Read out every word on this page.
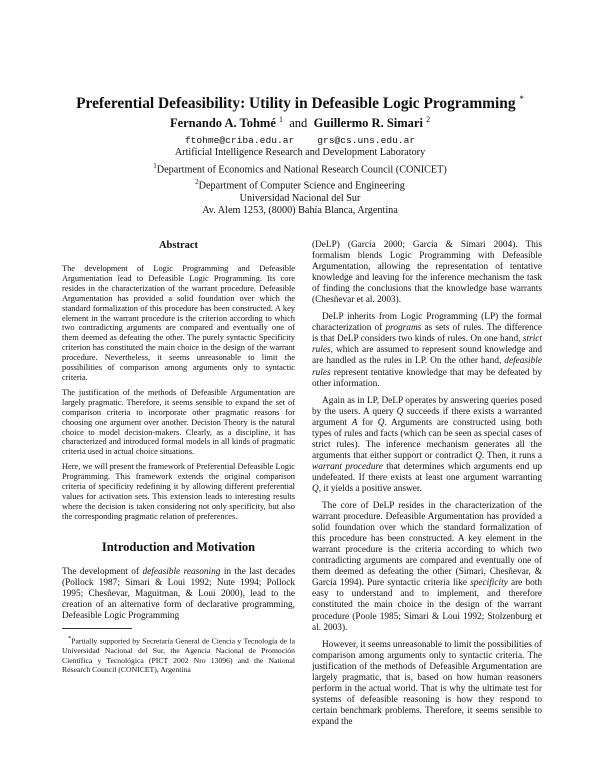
Preferential Defeasibility: Utility in Defeasible Logic Programming *
Fernando A. Tohmé $^1$ and Guillermo R. Simari $^2$
ftohme@criba.edu.ar    grs@cs.uns.edu.ar
Artificial Intelligence Research and Development Laboratory
$^1$Department of Economics and National Research Council (CONICET)
$^2$Department of Computer Science and Engineering
Universidad Nacional del Sur
Av. Alem 1253, (8000) Bahía Blanca, Argentina
Abstract

The development of Logic Programming and Defeasible Argumentation lead to Defeasible Logic Programming. Its core resides in the characterization of the warrant procedure. Defeasible Argumentation has provided a solid foundation over which the standard formalization of this procedure has been constructed. A key element in the warrant procedure is the criterion according to which two contradicting arguments are compared and eventually one of them deemed as defeating the other. The purely syntactic Specificity criterion has constituted the main choice in the design of the warrant procedure. Nevertheless, it seems unreasonable to limit the possibilities of comparison among arguments only to syntactic criteria.

The justification of the methods of Defeasible Argumentation are largely pragmatic. Therefore, it seems sensible to expand the set of comparison criteria to incorporate other pragmatic reasons for choosing one argument over another. Decision Theory is the natural choice to model decision-makers. Clearly, as a discipline, it has characterized and introduced formal models in all kinds of pragmatic criteria used in actual choice situations.

Here, we will present the framework of Preferential Defeasible Logic Programming. This framework extends the original comparison criteria of specificity redefining it by allowing different preferential values for activation sets. This extension leads to interesting results where the decision is taken considering not only specificity, but also the corresponding pragmatic relation of preferences.

Introduction and Motivation

The development of defeasible reasoning in the last decades (Pollock 1987; Simari & Loui 1992; Nute 1994; Pollock 1995; Chesñevar, Maguitman, & Loui 2000), lead to the creation of an alternative form of declarative programming, Defeasible Logic Programming

*Partially supported by Secretaría General de Ciencia y Tecnología de la Universidad Nacional del Sur, the Agencia Nacional de Promoción Científica y Tecnológica (PICT 2002 Nro 13096) and the National Research Council (CONICET), Argentina

(DeLP) (García 2000; García & Simari 2004). This formalism blends Logic Programming with Defeasible Argumentation, allowing the representation of tentative knowledge and leaving for the inference mechanism the task of finding the conclusions that the knowledge base warrants (Chesñevar et al. 2003).

DeLP inherits from Logic Programming (LP) the formal characterization of programs as sets of rules. The difference is that DeLP considers two kinds of rules. On one hand, strict rules, which are assumed to represent sound knowledge and are handled as the rules in LP. On the other hand, defeasible rules represent tentative knowledge that may be defeated by other information.

Again as in LP, DeLP operates by answering queries posed by the users. A query Q succeeds if there exists a warranted argument A for Q. Arguments are constructed using both types of rules and facts (which can be seen as special cases of strict rules). The inference mechanism generates all the arguments that either support or contradict Q. Then, it runs a warrant procedure that determines which arguments end up undefeated. If there exists at least one argument warranting Q, it yields a positive answer.

The core of DeLP resides in the characterization of the warrant procedure. Defeasible Argumentation has provided a solid foundation over which the standard formalization of this procedure has been constructed. A key element in the warrant procedure is the criteria according to which two contradicting arguments are compared and eventually one of them deemed as defeating the other (Simari, Chesñevar, & García 1994). Pure syntactic criteria like specificity are both easy to understand and to implement, and therefore constituted the main choice in the design of the warrant procedure (Poole 1985; Simari & Loui 1992; Stolzenburg et al. 2003).

However, it seems unreasonable to limit the possibilities of comparison among arguments only to syntactic criteria. The justification of the methods of Defeasible Argumentation are largely pragmatic, that is, based on how human reasoners perform in the actual world. That is why the ultimate test for systems of defeasible reasoning is how they respond to certain benchmark problems. Therefore, it seems sensible to expand the
